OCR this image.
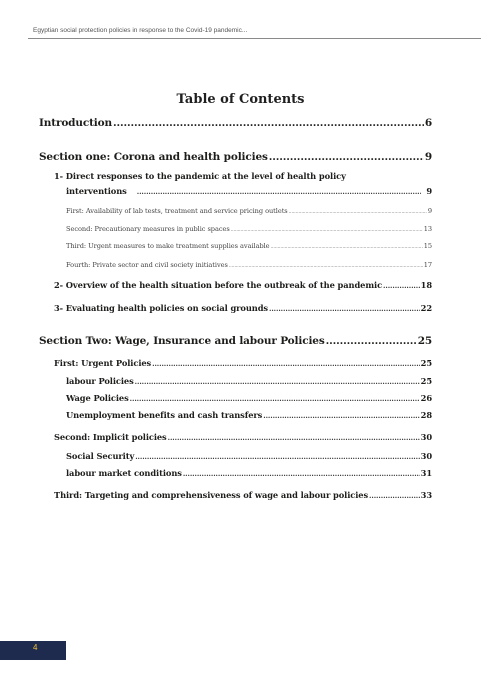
Egyptian social protection policies in response to the Covid-19 pandemic...
Table of Contents
Introduction .....	6
Section one: Corona and health policies .....	9
1- Direct responses to the pandemic at the level of health policy
interventions .....	9
First: Availability of lab tests, treatment and service pricing outlets .....	9
Second: Precautionary measures in public spaces .....	13
Third: Urgent measures to make treatment supplies available .....	15
Fourth: Private sector and civil society initiatives .....	17
2- Overview of the health situation before the outbreak of the pandemic .....	18
3- Evaluating health policies on social grounds .....	22
Section Two: Wage, Insurance and labour Policies .....	25
First: Urgent Policies .....	25
labour Policies .....	25
Wage Policies .....	26
Unemployment benefits and cash transfers .....	28
Second: Implicit policies .....	30
Social Security .....	30
labour market conditions .....	31
Third: Targeting and comprehensiveness of wage and labour policies .....	33
4
